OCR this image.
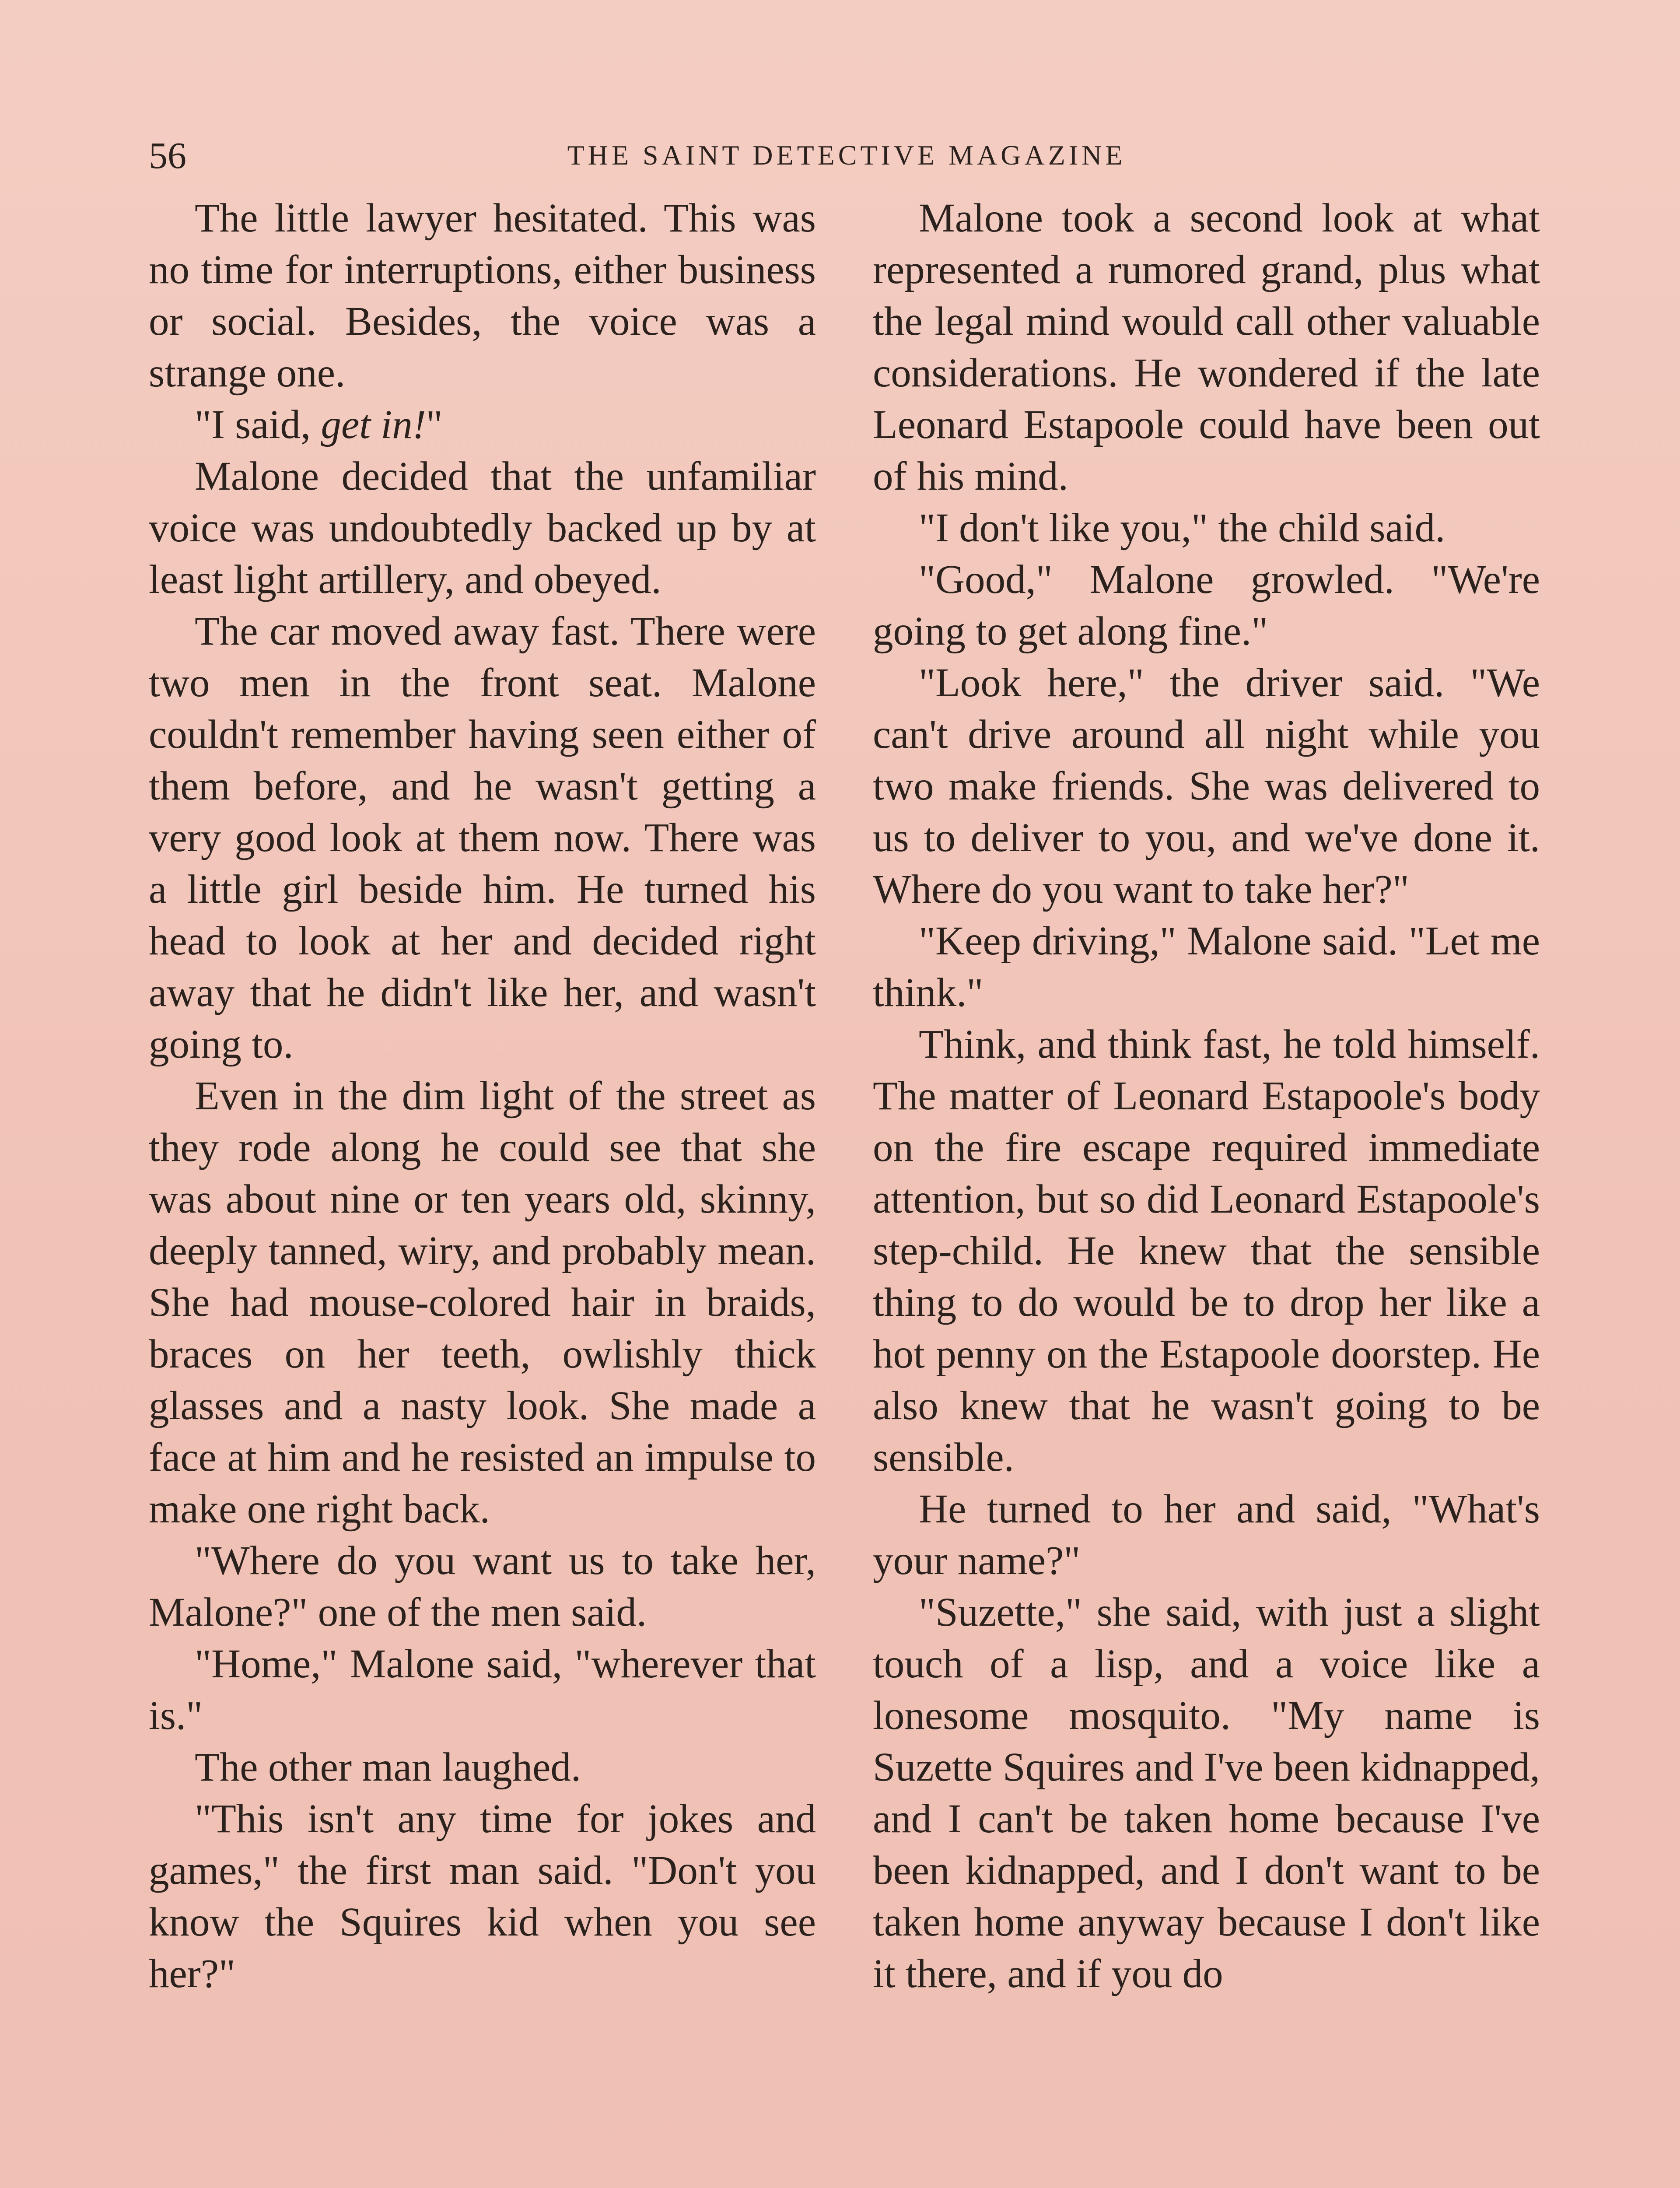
56	THE SAINT DETECTIVE MAGAZINE

The little lawyer hesitated. This was no time for interruptions, either business or social. Besides, the voice was a strange one.

"I said, get in!"

Malone decided that the unfamiliar voice was undoubtedly backed up by at least light artillery, and obeyed.

The car moved away fast. There were two men in the front seat. Malone couldn't remember having seen either of them before, and he wasn't getting a very good look at them now. There was a little girl beside him. He turned his head to look at her and decided right away that he didn't like her, and wasn't going to.

Even in the dim light of the street as they rode along he could see that she was about nine or ten years old, skinny, deeply tanned, wiry, and probably mean. She had mouse-colored hair in braids, braces on her teeth, owlishly thick glasses and a nasty look. She made a face at him and he resisted an impulse to make one right back.

"Where do you want us to take her, Malone?" one of the men said.

"Home," Malone said, "wherever that is."

The other man laughed.

"This isn't any time for jokes and games," the first man said. "Don't you know the Squires kid when you see her?"

Malone took a second look at what represented a rumored grand, plus what the legal mind would call other valuable considerations. He wondered if the late Leonard Estapoole could have been out of his mind.

"I don't like you," the child said.

"Good," Malone growled. "We're going to get along fine."

"Look here," the driver said. "We can't drive around all night while you two make friends. She was delivered to us to deliver to you, and we've done it. Where do you want to take her?"

"Keep driving," Malone said. "Let me think."

Think, and think fast, he told himself. The matter of Leonard Estapoole's body on the fire escape required immediate attention, but so did Leonard Estapoole's step-child. He knew that the sensible thing to do would be to drop her like a hot penny on the Estapoole doorstep. He also knew that he wasn't going to be sensible.

He turned to her and said, "What's your name?"

"Suzette," she said, with just a slight touch of a lisp, and a voice like a lonesome mosquito. "My name is Suzette Squires and I've been kidnapped, and I can't be taken home because I've been kidnapped, and I don't want to be taken home anyway because I don't like it there, and if you do
